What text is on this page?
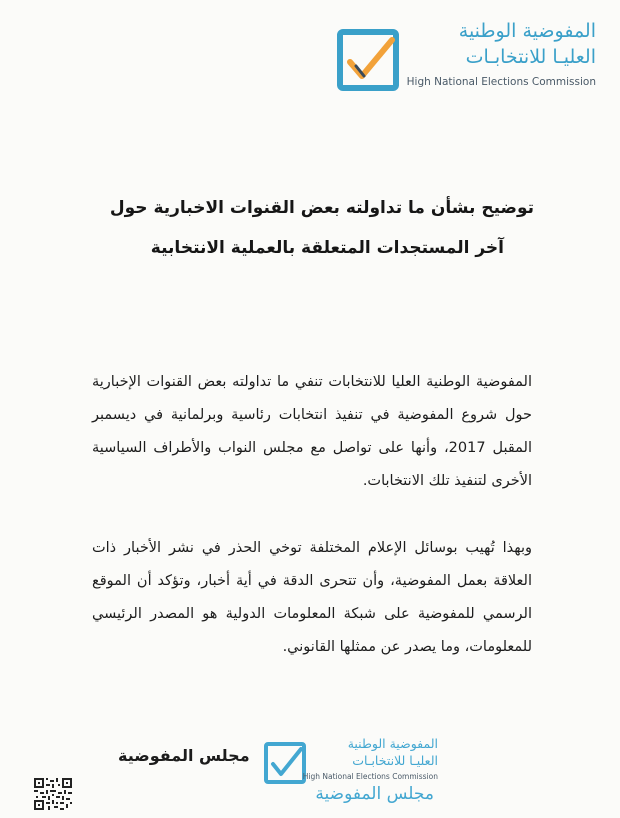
المفوضية الوطنية
العليـا للانتخابـات
High National Elections Commission
توضيح بشأن ما تداولته بعض القنوات الاخبارية حول
آخر المستجدات المتعلقة بالعملية الانتخابية
المفوضية الوطنية العليا للانتخابات تنفي ما تداولته بعض القنوات الإخبارية حول شروع المفوضية في تنفيذ انتخابات رئاسية وبرلمانية في ديسمبر المقبل 2017، وأنها على تواصل مع مجلس النواب والأطراف السياسية الأخرى لتنفيذ تلك الانتخابات.
وبهذا تُهيب بوسائل الإعلام المختلفة توخي الحذر في نشر الأخبار ذات العلاقة بعمل المفوضية، وأن تتحرى الدقة في أية أخبار، وتؤكد أن الموقع الرسمي للمفوضية على شبكة المعلومات الدولية هو المصدر الرئيسي للمعلومات، وما يصدر عن ممثلها القانوني.
مجلس المفوضية
المفوضية الوطنية
العليـا للانتخابـات
High National Elections Commission
مجلس المفوضية
